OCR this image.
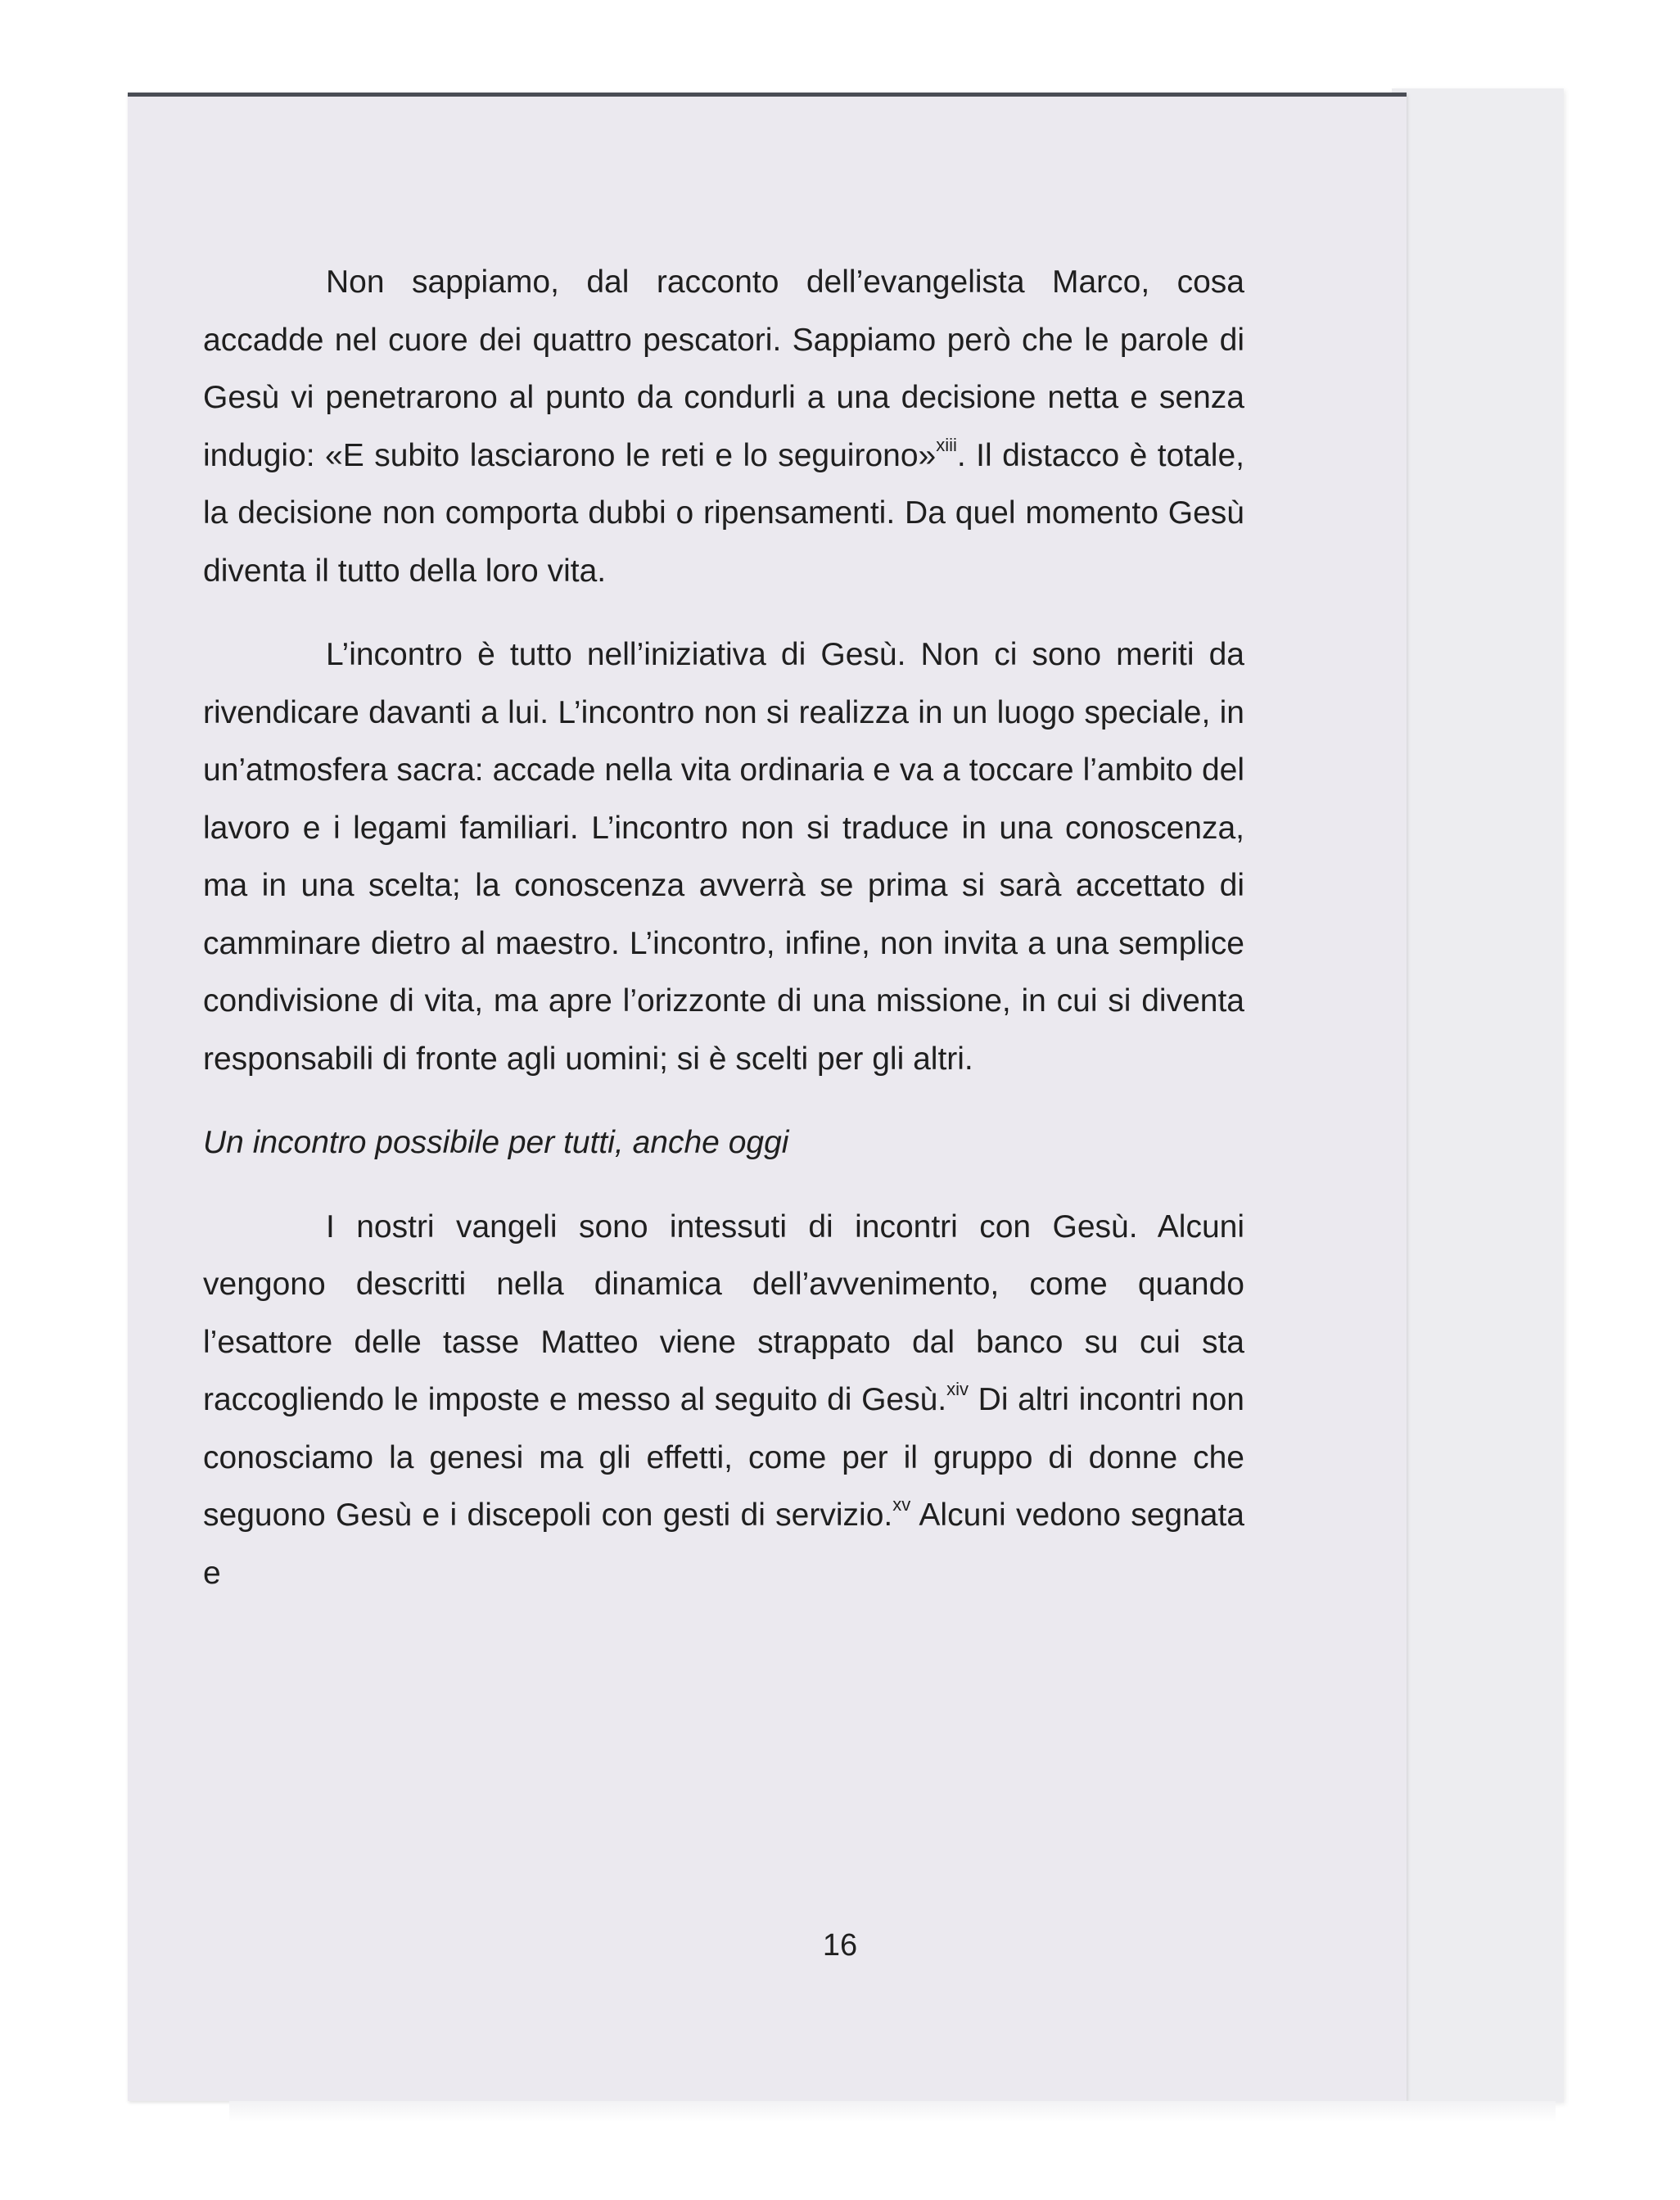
Non sappiamo, dal racconto dell’evangelista Marco, cosa accadde nel cuore dei quattro pescatori. Sappiamo però che le parole di Gesù vi penetrarono al punto da condurli a una decisione netta e senza indugio: «E subito lasciarono le reti e lo seguirono»$^{xiii}$. Il distacco è totale, la decisione non comporta dubbi o ripensamenti. Da quel momento Gesù diventa il tutto della loro vita.

L’incontro è tutto nell’iniziativa di Gesù. Non ci sono meriti da rivendicare davanti a lui. L’incontro non si realizza in un luogo speciale, in un’atmosfera sacra: accade nella vita ordinaria e va a toccare l’ambito del lavoro e i legami familiari. L’incontro non si traduce in una conoscenza, ma in una scelta; la conoscenza avverrà se prima si sarà accettato di camminare dietro al maestro. L’incontro, infine, non invita a una semplice condivisione di vita, ma apre l’orizzonte di una missione, in cui si diventa responsabili di fronte agli uomini; si è scelti per gli altri.

Un incontro possibile per tutti, anche oggi

I nostri vangeli sono intessuti di incontri con Gesù. Alcuni vengono descritti nella dinamica dell’avvenimento, come quando l’esattore delle tasse Matteo viene strappato dal banco su cui sta raccogliendo le imposte e messo al seguito di Gesù.$^{xiv}$ Di altri incontri non conosciamo la genesi ma gli effetti, come per il gruppo di donne che seguono Gesù e i discepoli con gesti di servizio.$^{xv}$ Alcuni vedono segnata e

16
